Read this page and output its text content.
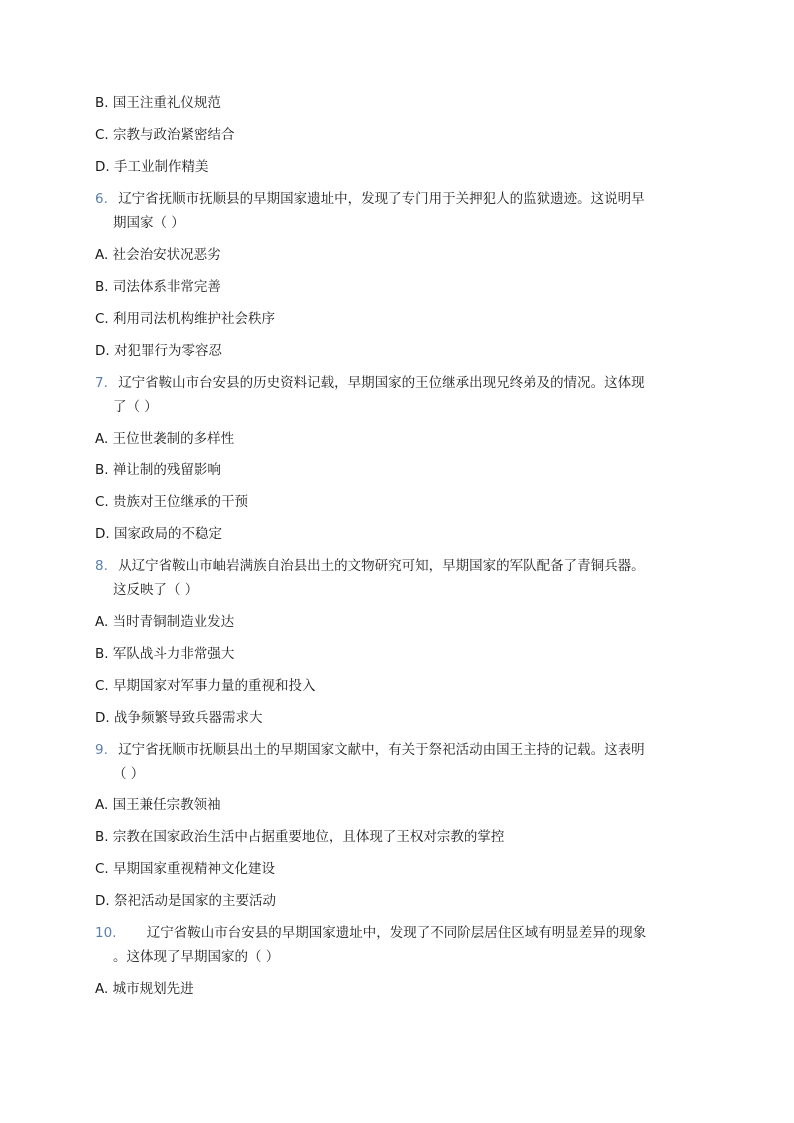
B. 国王注重礼仪规范
C. 宗教与政治紧密结合
D. 手工业制作精美
6. 辽宁省抚顺市抚顺县的早期国家遗址中，发现了专门用于关押犯人的监狱遗迹。这说明早
期国家（ ）
A. 社会治安状况恶劣
B. 司法体系非常完善
C. 利用司法机构维护社会秩序
D. 对犯罪行为零容忍
7. 辽宁省鞍山市台安县的历史资料记载，早期国家的王位继承出现兄终弟及的情况。这体现
了（ ）
A. 王位世袭制的多样性
B. 禅让制的残留影响
C. 贵族对王位继承的干预
D. 国家政局的不稳定
8. 从辽宁省鞍山市岫岩满族自治县出土的文物研究可知，早期国家的军队配备了青铜兵器。
这反映了（ ）
A. 当时青铜制造业发达
B. 军队战斗力非常强大
C. 早期国家对军事力量的重视和投入
D. 战争频繁导致兵器需求大
9. 辽宁省抚顺市抚顺县出土的早期国家文献中，有关于祭祀活动由国王主持的记载。这表明
（ ）
A. 国王兼任宗教领袖
B. 宗教在国家政治生活中占据重要地位，且体现了王权对宗教的掌控
C. 早期国家重视精神文化建设
D. 祭祀活动是国家的主要活动
10. 辽宁省鞍山市台安县的早期国家遗址中，发现了不同阶层居住区域有明显差异的现象
。这体现了早期国家的（ ）
A. 城市规划先进
